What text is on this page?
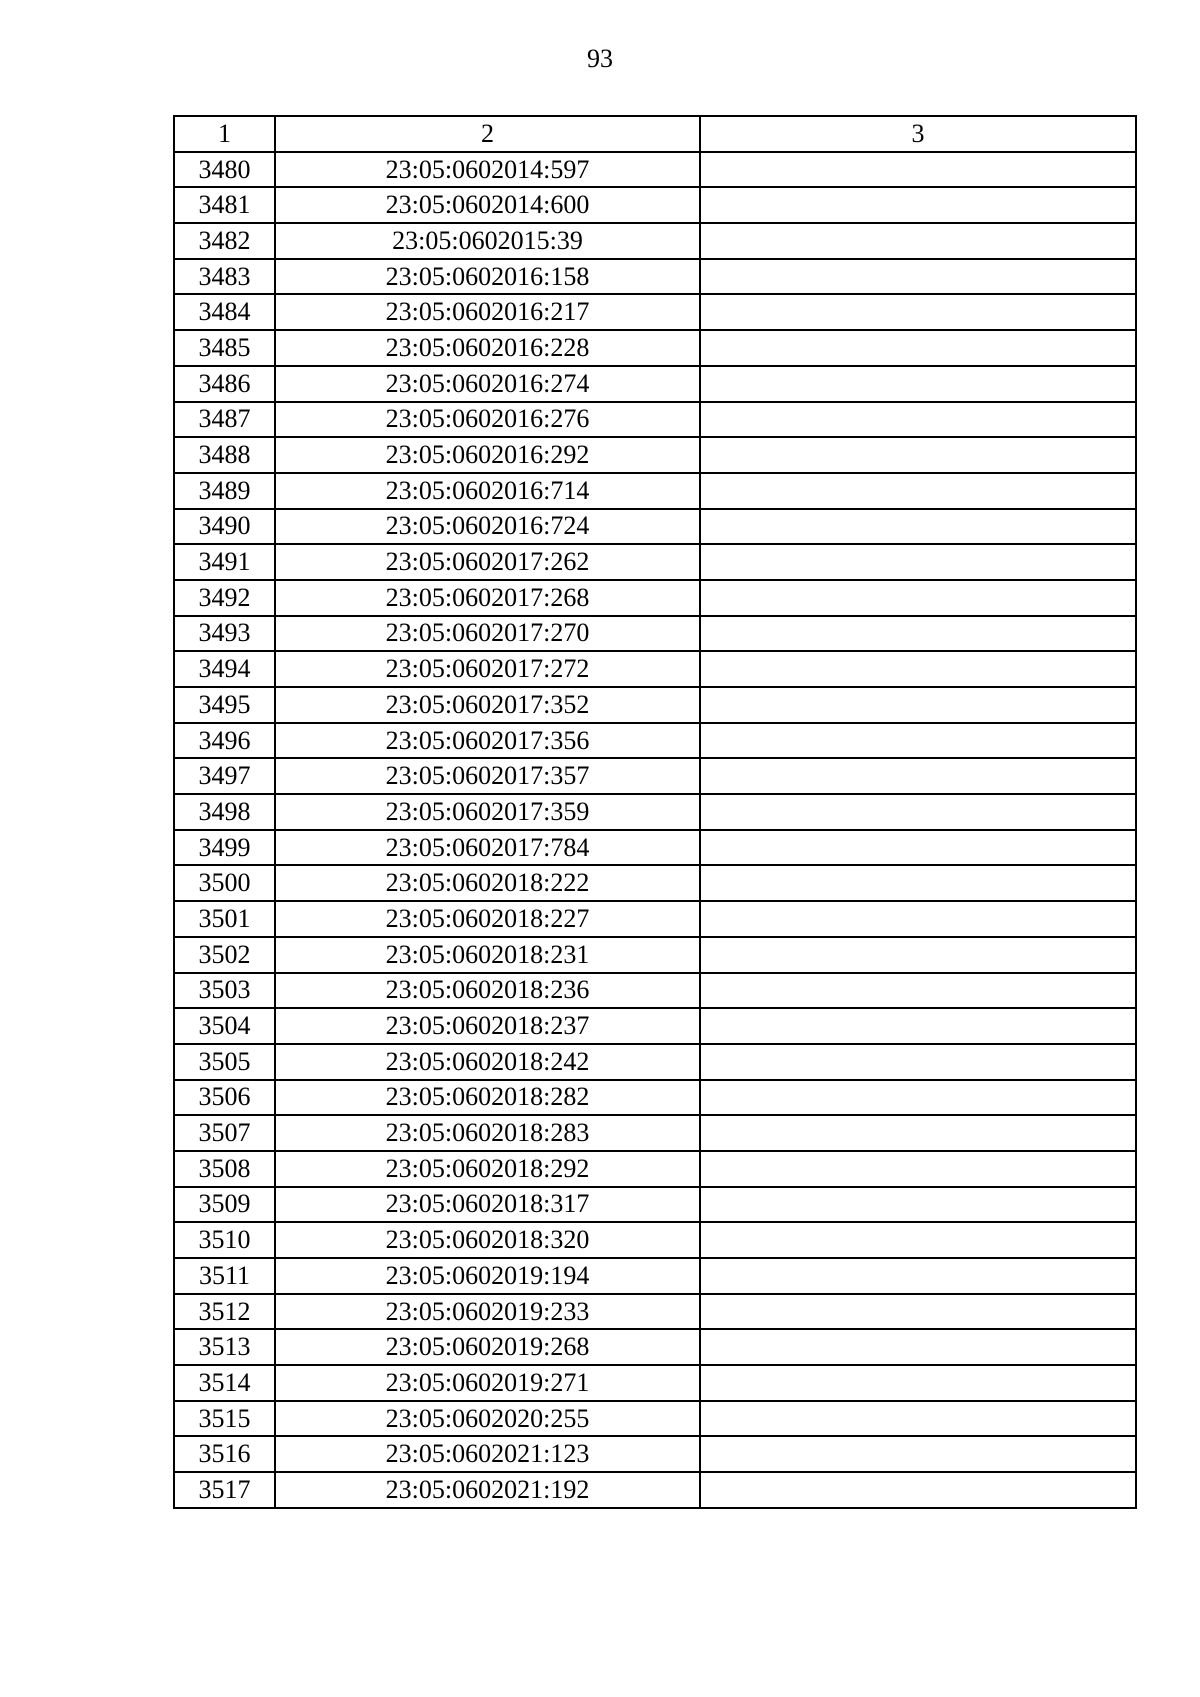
93
1	2	3
3480	23:05:0602014:597	
3481	23:05:0602014:600	
3482	23:05:0602015:39	
3483	23:05:0602016:158	
3484	23:05:0602016:217	
3485	23:05:0602016:228	
3486	23:05:0602016:274	
3487	23:05:0602016:276	
3488	23:05:0602016:292	
3489	23:05:0602016:714	
3490	23:05:0602016:724	
3491	23:05:0602017:262	
3492	23:05:0602017:268	
3493	23:05:0602017:270	
3494	23:05:0602017:272	
3495	23:05:0602017:352	
3496	23:05:0602017:356	
3497	23:05:0602017:357	
3498	23:05:0602017:359	
3499	23:05:0602017:784	
3500	23:05:0602018:222	
3501	23:05:0602018:227	
3502	23:05:0602018:231	
3503	23:05:0602018:236	
3504	23:05:0602018:237	
3505	23:05:0602018:242	
3506	23:05:0602018:282	
3507	23:05:0602018:283	
3508	23:05:0602018:292	
3509	23:05:0602018:317	
3510	23:05:0602018:320	
3511	23:05:0602019:194	
3512	23:05:0602019:233	
3513	23:05:0602019:268	
3514	23:05:0602019:271	
3515	23:05:0602020:255	
3516	23:05:0602021:123	
3517	23:05:0602021:192	
